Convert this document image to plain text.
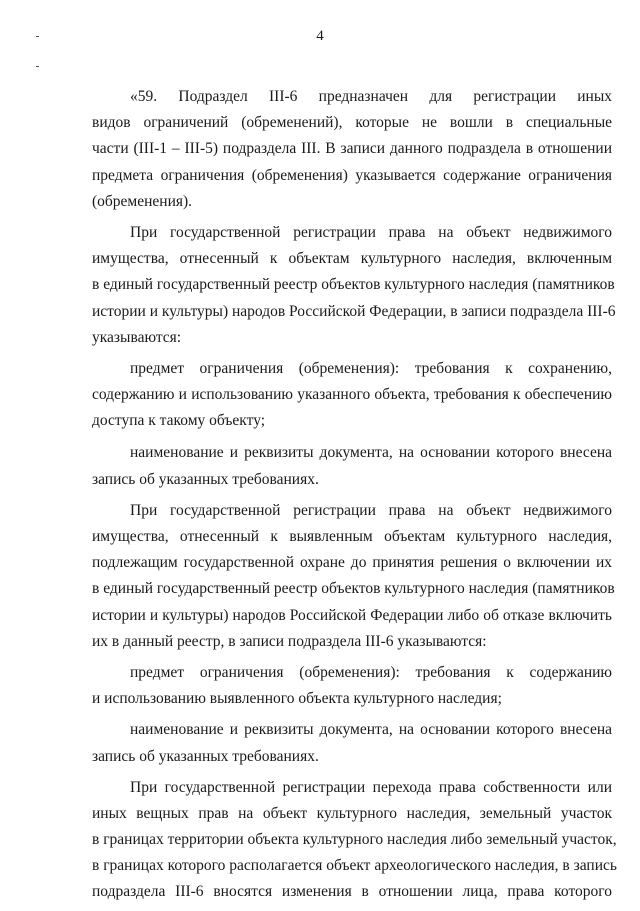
4
«59. Подраздел III-6 предназначен для регистрации иных
видов ограничений (обременений), которые не вошли в специальные
части (III-1 – III-5) подраздела III. В записи данного подраздела в отношении
предмета ограничения (обременения) указывается содержание ограничения
(обременения).
При государственной регистрации права на объект недвижимого
имущества, отнесенный к объектам культурного наследия, включенным
в единый государственный реестр объектов культурного наследия (памятников
истории и культуры) народов Российской Федерации, в записи подраздела III-6
указываются:
предмет ограничения (обременения): требования к сохранению,
содержанию и использованию указанного объекта, требования к обеспечению
доступа к такому объекту;
наименование и реквизиты документа, на основании которого внесена
запись об указанных требованиях.
При государственной регистрации права на объект недвижимого
имущества, отнесенный к выявленным объектам культурного наследия,
подлежащим государственной охране до принятия решения о включении их
в единый государственный реестр объектов культурного наследия (памятников
истории и культуры) народов Российской Федерации либо об отказе включить
их в данный реестр, в записи подраздела III-6 указываются:
предмет ограничения (обременения): требования к содержанию
и использованию выявленного объекта культурного наследия;
наименование и реквизиты документа, на основании которого внесена
запись об указанных требованиях.
При государственной регистрации перехода права собственности или
иных вещных прав на объект культурного наследия, земельный участок
в границах территории объекта культурного наследия либо земельный участок,
в границах которого располагается объект археологического наследия, в запись
подраздела III-6 вносятся изменения в отношении лица, права которого
